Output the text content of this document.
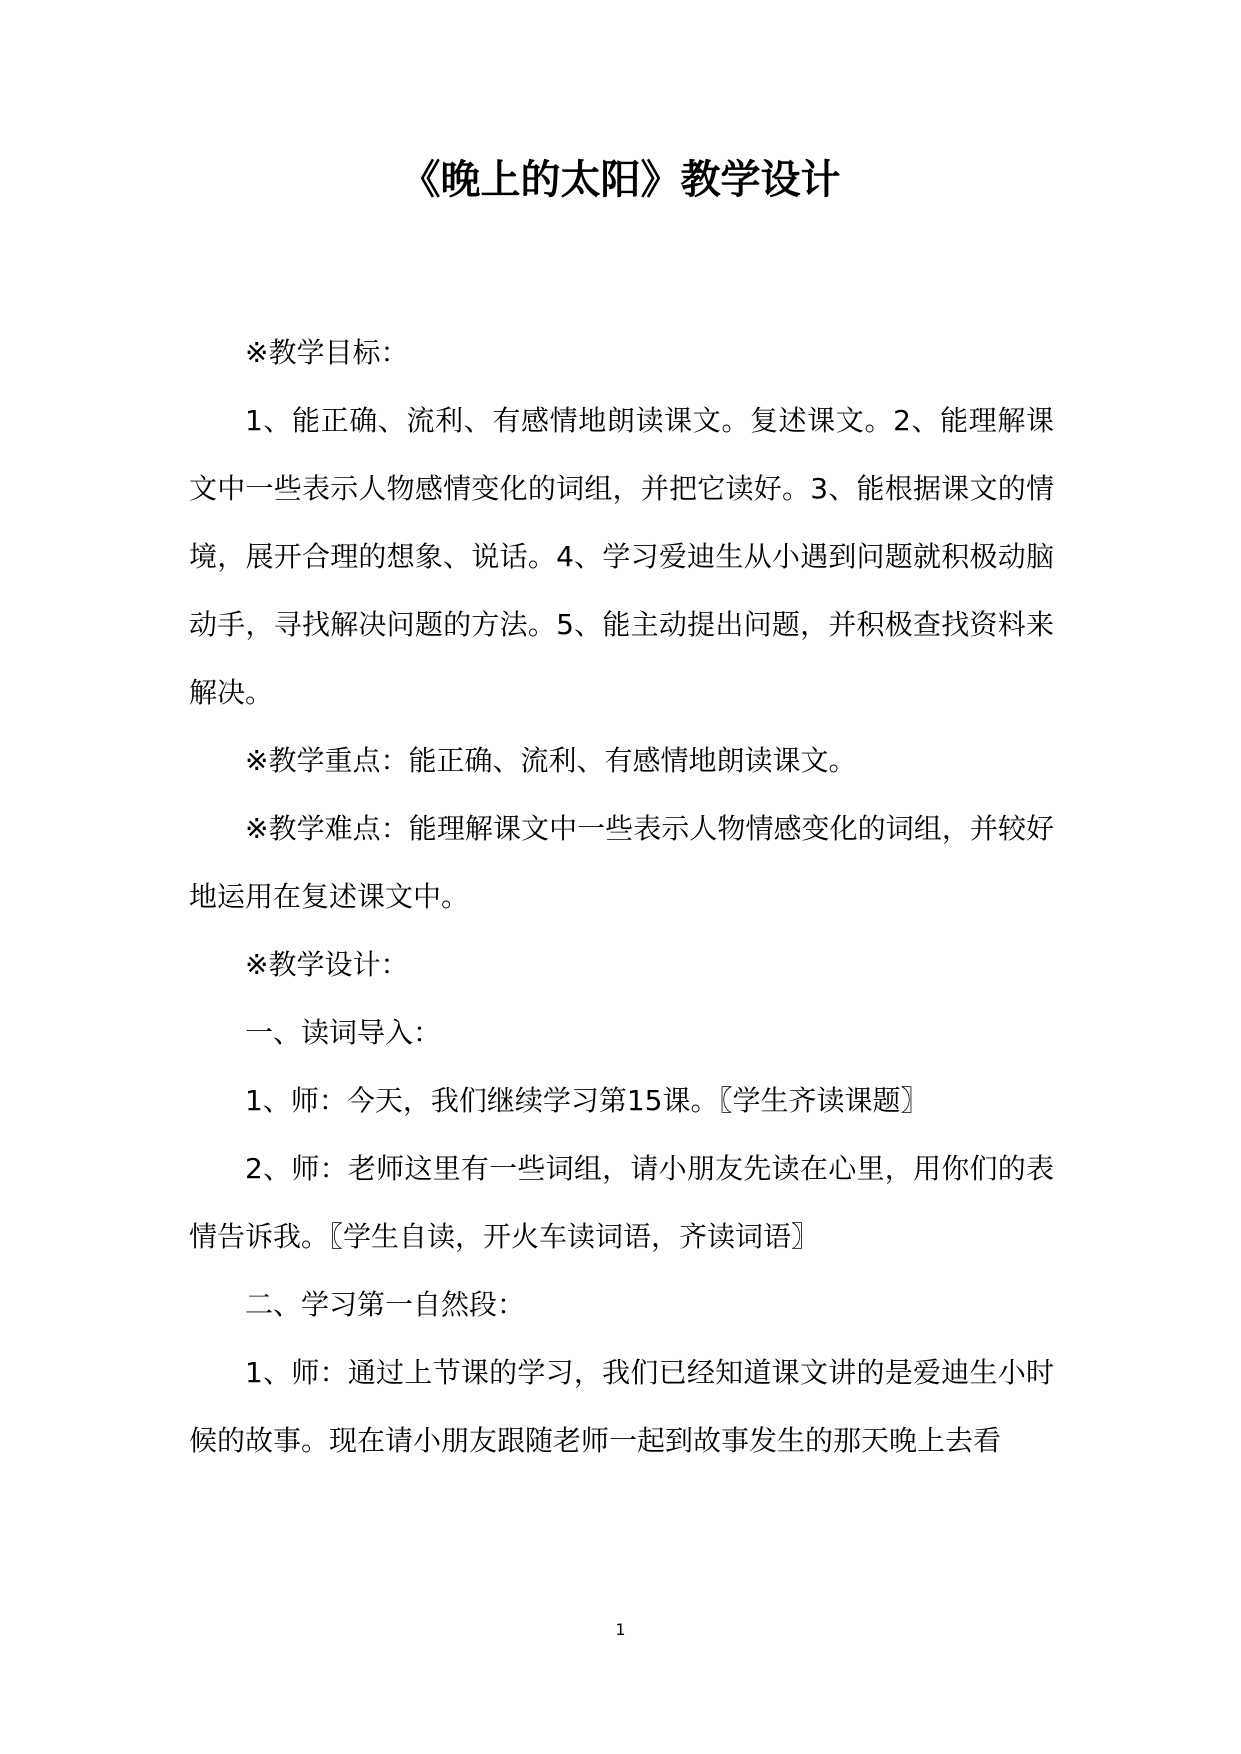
《晚上的太阳》教学设计

※教学目标：

1、能正确、流利、有感情地朗读课文。复述课文。2、能理解课文中一些表示人物感情变化的词组，并把它读好。3、能根据课文的情境，展开合理的想象、说话。4、学习爱迪生从小遇到问题就积极动脑动手，寻找解决问题的方法。5、能主动提出问题，并积极查找资料来解决。

※教学重点：能正确、流利、有感情地朗读课文。

※教学难点：能理解课文中一些表示人物情感变化的词组，并较好地运用在复述课文中。

※教学设计：

一、读词导入：

1、师：今天，我们继续学习第15课。〖学生齐读课题〗

2、师：老师这里有一些词组，请小朋友先读在心里，用你们的表情告诉我。〖学生自读，开火车读词语，齐读词语〗

二、学习第一自然段：

1、师：通过上节课的学习，我们已经知道课文讲的是爱迪生小时候的故事。现在请小朋友跟随老师一起到故事发生的那天晚上去看

1
